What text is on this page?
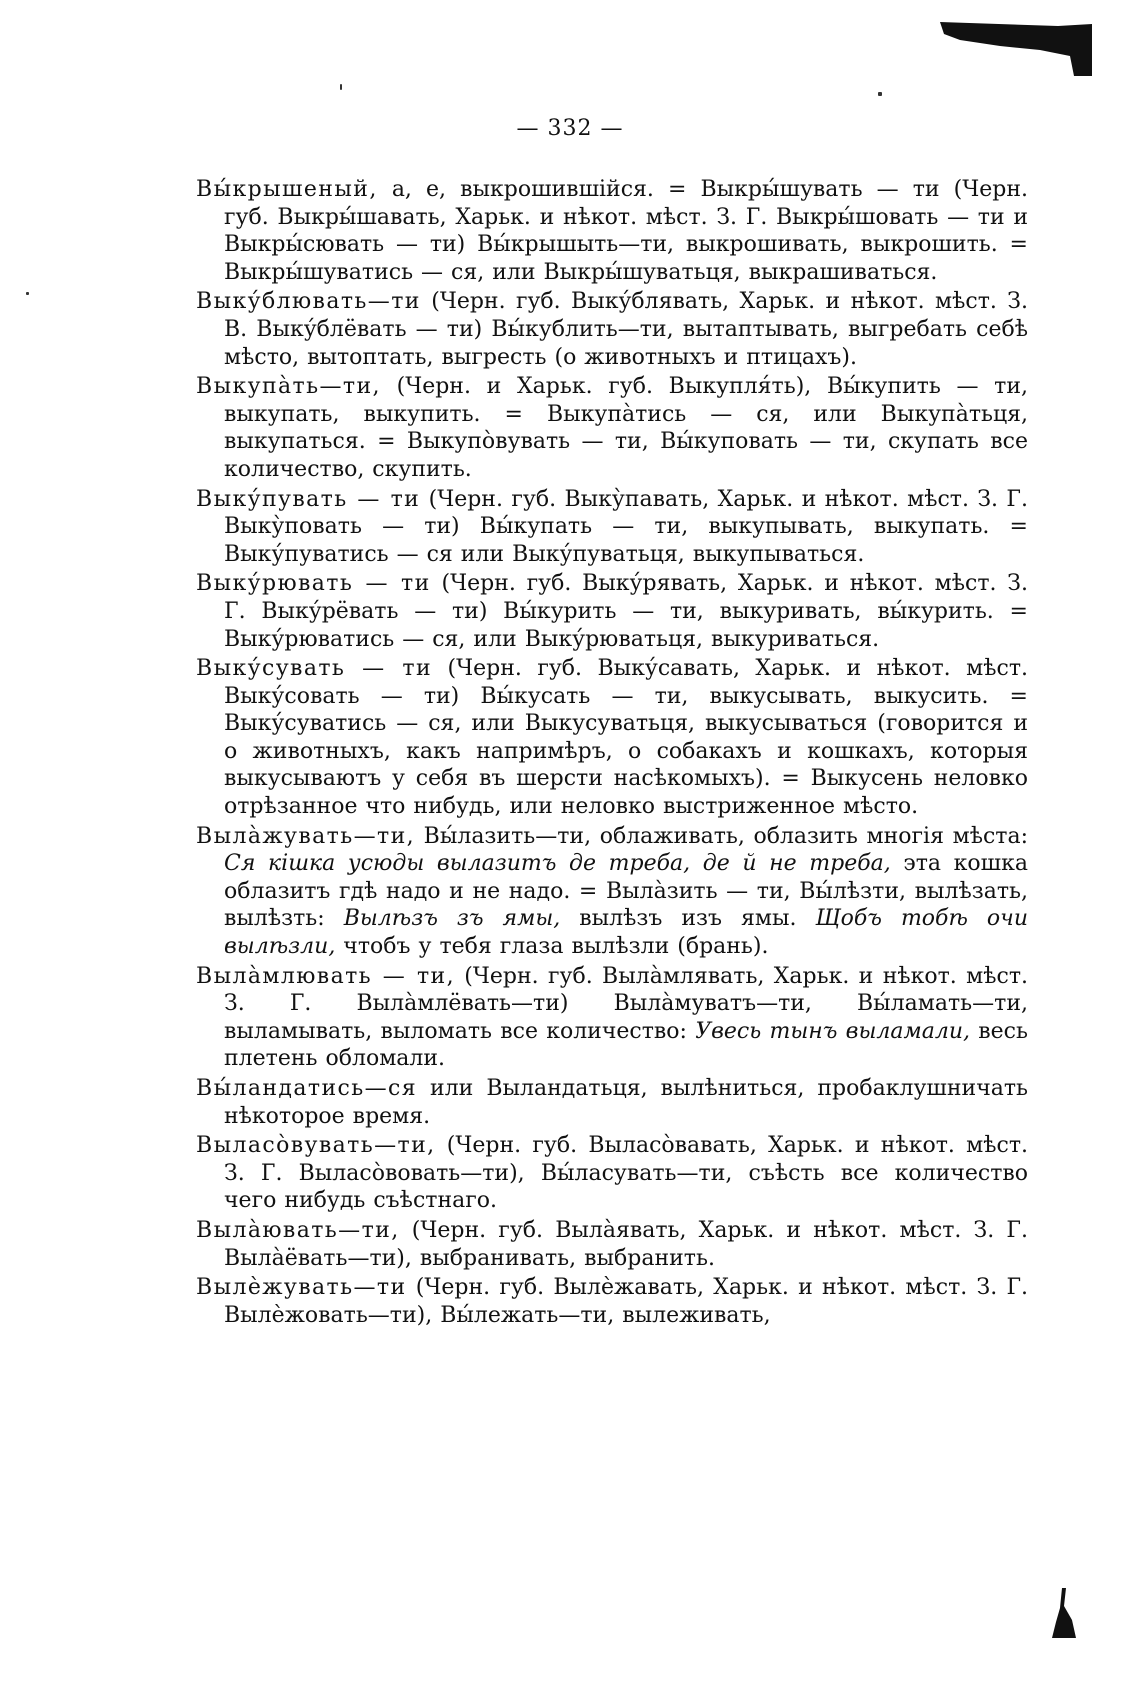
— 332 —

Вы́крышеный, а, е, выкрошившійся. = Выкры́шувать — ти (Черн. губ. Выкры́шавать, Харьк. и нѣкот. мѣст. З. Г. Выкры́шовать — ти и Выкры́сювать — ти) Вы́крышыть—ти, выкрошивать, выкрошить. = Выкры́шуватись — ся, или Выкры́шуватьця, выкрашиваться.

Выку́блювать—ти (Черн. губ. Выку́блявать, Харьк. и нѣкот. мѣст. З. В. Выку́блёвать — ти) Вы́кублить—ти, вытаптывать, выгребать себѣ мѣсто, вытоптать, выгресть (о животныхъ и птицахъ).

Выкупа̀ть—ти, (Черн. и Харьк. губ. Выкупля́ть), Вы́купить — ти, выкупать, выкупить. = Выкупа̀тись — ся, или Выкупа̀тьця, выкупаться. = Выкупо̀вувать — ти, Вы́куповать — ти, скупать все количество, скупить.

Выку́пувать — ти (Черн. губ. Выку̀павать, Харьк. и нѣкот. мѣст. З. Г. Выку̀повать — ти) Вы́купать — ти, выкупывать, выкупать. = Выку́пуватись — ся или Выку́пуватьця, выкупываться.

Выку́рювать — ти (Черн. губ. Выку́рявать, Харьк. и нѣкот. мѣст. З. Г. Выку́рёвать — ти) Вы́курить — ти, выкуривать, вы́курить. = Выку́рюватись — ся, или Выку́рюватьця, выкуриваться.

Выку́сувать — ти (Черн. губ. Выку́савать, Харьк. и нѣкот. мѣст. Выку́совать — ти) Вы́кусать — ти, выкусывать, выкусить. = Выку́суватись — ся, или Выкусуватьця, выкусываться (говорится и о животныхъ, какъ напримѣръ, о собакахъ и кошкахъ, которыя выкусываютъ у себя въ шерсти насѣкомыхъ). = Выкусень неловко отрѣзанное что нибудь, или неловко выстриженное мѣсто.

Выла̀жувать—ти, Вы́лазить—ти, облаживать, облазить многія мѣста: Ся кішка усюды вылазитъ де треба, де й не треба, эта кошка облазитъ гдѣ надо и не надо. = Выла̀зить — ти, Вы́лѣзти, вылѣзать, вылѣзть: Вылѣзъ зъ ямы, вылѣзъ изъ ямы. Щобъ тобѣ очи вылѣзли, чтобъ у тебя глаза вылѣзли (брань).

Выла̀млювать — ти, (Черн. губ. Выла̀млявать, Харьк. и нѣкот. мѣст. З. Г. Выла̀млёвать—ти) Выла̀муватъ—ти, Вы́ламать—ти, выламывать, выломать все количество: Увесь тынъ выламали, весь плетень обломали.

Вы́ландатись—ся или Выландатьця, вылѣниться, пробаклушничать нѣкоторое время.

Выласо̀вувать—ти, (Черн. губ. Выласо̀вавать, Харьк. и нѣкот. мѣст. З. Г. Выласо̀вовать—ти), Вы́ласувать—ти, съѣсть все количество чего нибудь съѣстнаго.

Выла̀ювать—ти, (Черн. губ. Выла̀явать, Харьк. и нѣкот. мѣст. З. Г. Выла̀ёвать—ти), выбранивать, выбранить.

Вылѐжувать—ти (Черн. губ. Вылѐжавать, Харьк. и нѣкот. мѣст. З. Г. Вылѐжовать—ти), Вы́лежать—ти, вылеживать,
